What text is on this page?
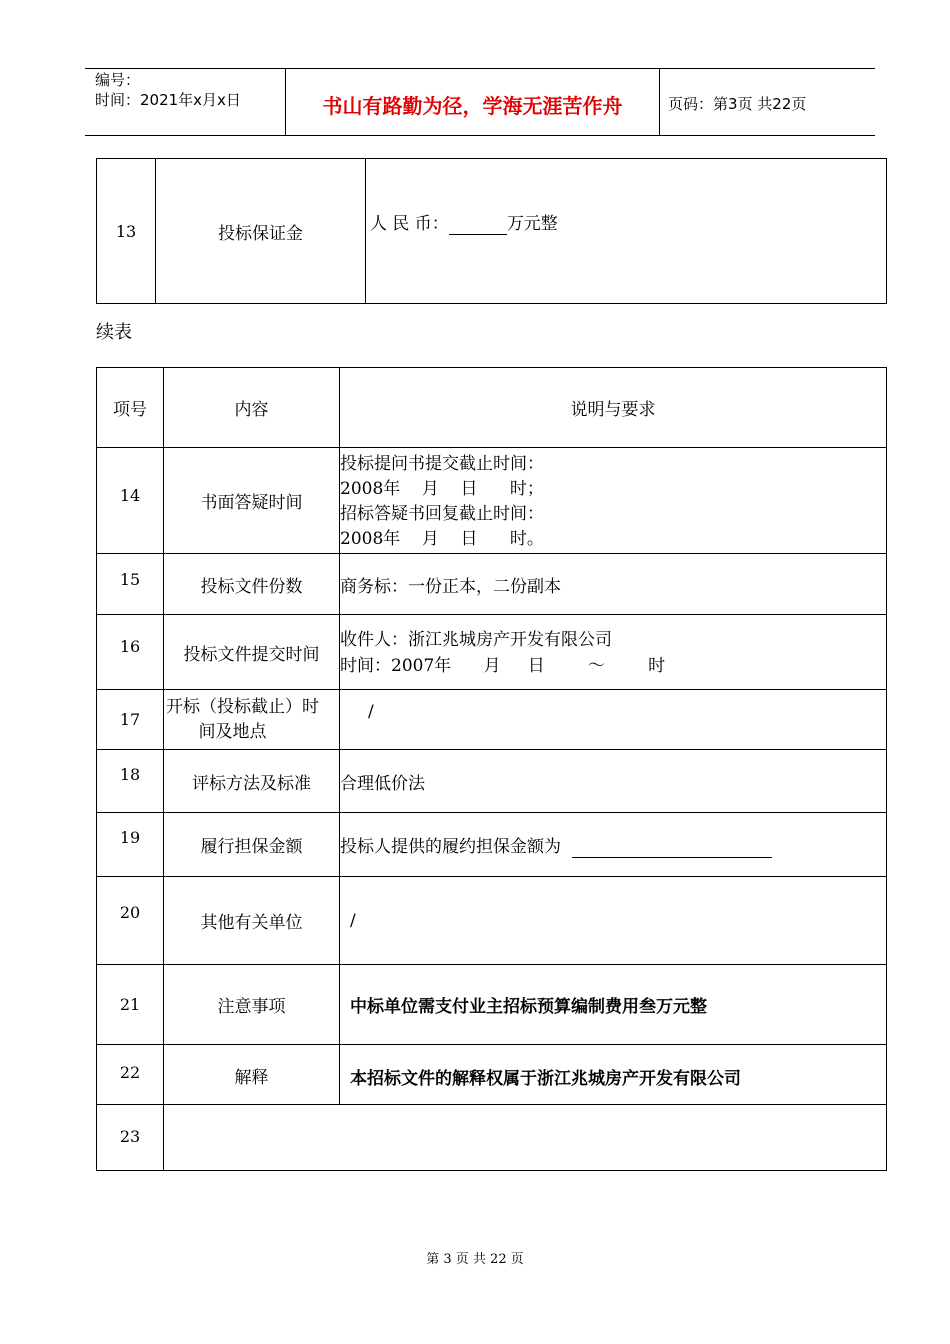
编号：
时间：2021年x月x日	书山有路勤为径，学海无涯苦作舟	页码：第3页 共22页
13	投标保证金	人 民 币：	万元整
续表
项号	内容	说明与要求
14	书面答疑时间	投标提问书提交截止时间：
2008年    月    日      时；
招标答疑书回复截止时间：
2008年    月    日      时。

15	投标文件份数	商务标：一份正本，二份副本
16	投标文件提交时间	收件人：浙江兆城房产开发有限公司
时间：2007年      月     日        ～        时

17	开标（投标截止）时
间及地点	/
18	评标方法及标准	合理低价法
19	履行担保金额	投标人提供的履约担保金额为
20	其他有关单位	/
21	注意事项	中标单位需支付业主招标预算编制费用叁万元整
22	解释	本招标文件的解释权属于浙江兆城房产开发有限公司
23		
第 3 页 共 22 页
